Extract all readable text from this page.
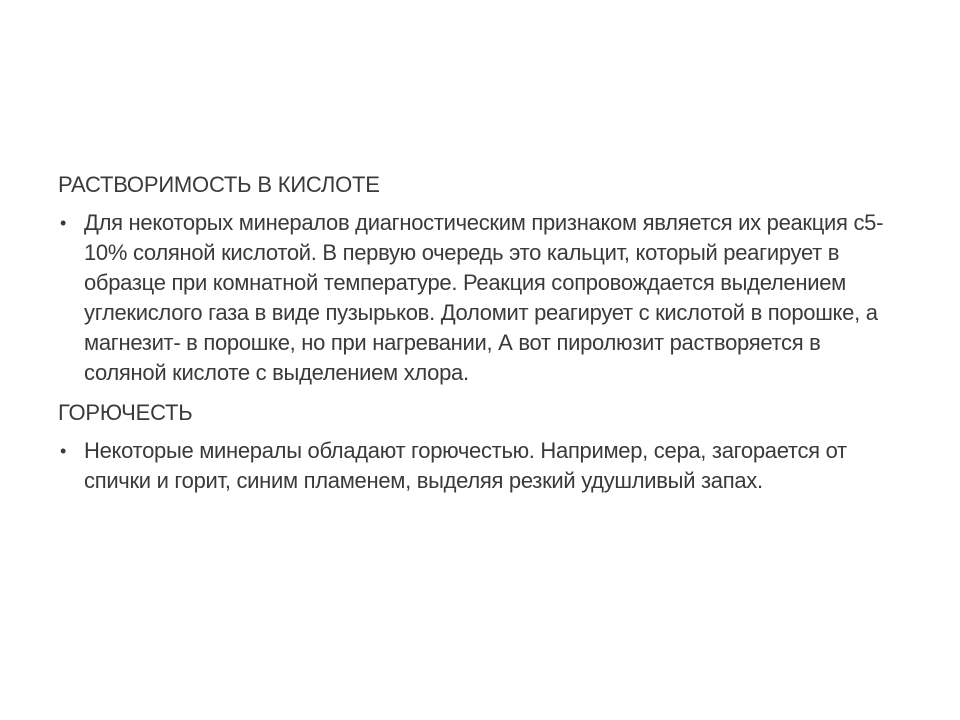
РАСТВОРИМОСТЬ В КИСЛОТЕ
• Для некоторых минералов диагностическим признаком является их реакция с5-10% соляной кислотой. В первую очередь это кальцит, который реагирует в образце при комнатной температуре. Реакция сопровождается выделением углекислого газа в виде пузырьков. Доломит реагирует с кислотой в порошке, а магнезит- в порошке, но при нагревании, А вот пиролюзит растворяется в соляной кислоте с выделением хлора.
ГОРЮЧЕСТЬ
• Некоторые минералы обладают горючестью. Например, сера, загорается от спички и горит, синим пламенем, выделяя резкий удушливый запах.
